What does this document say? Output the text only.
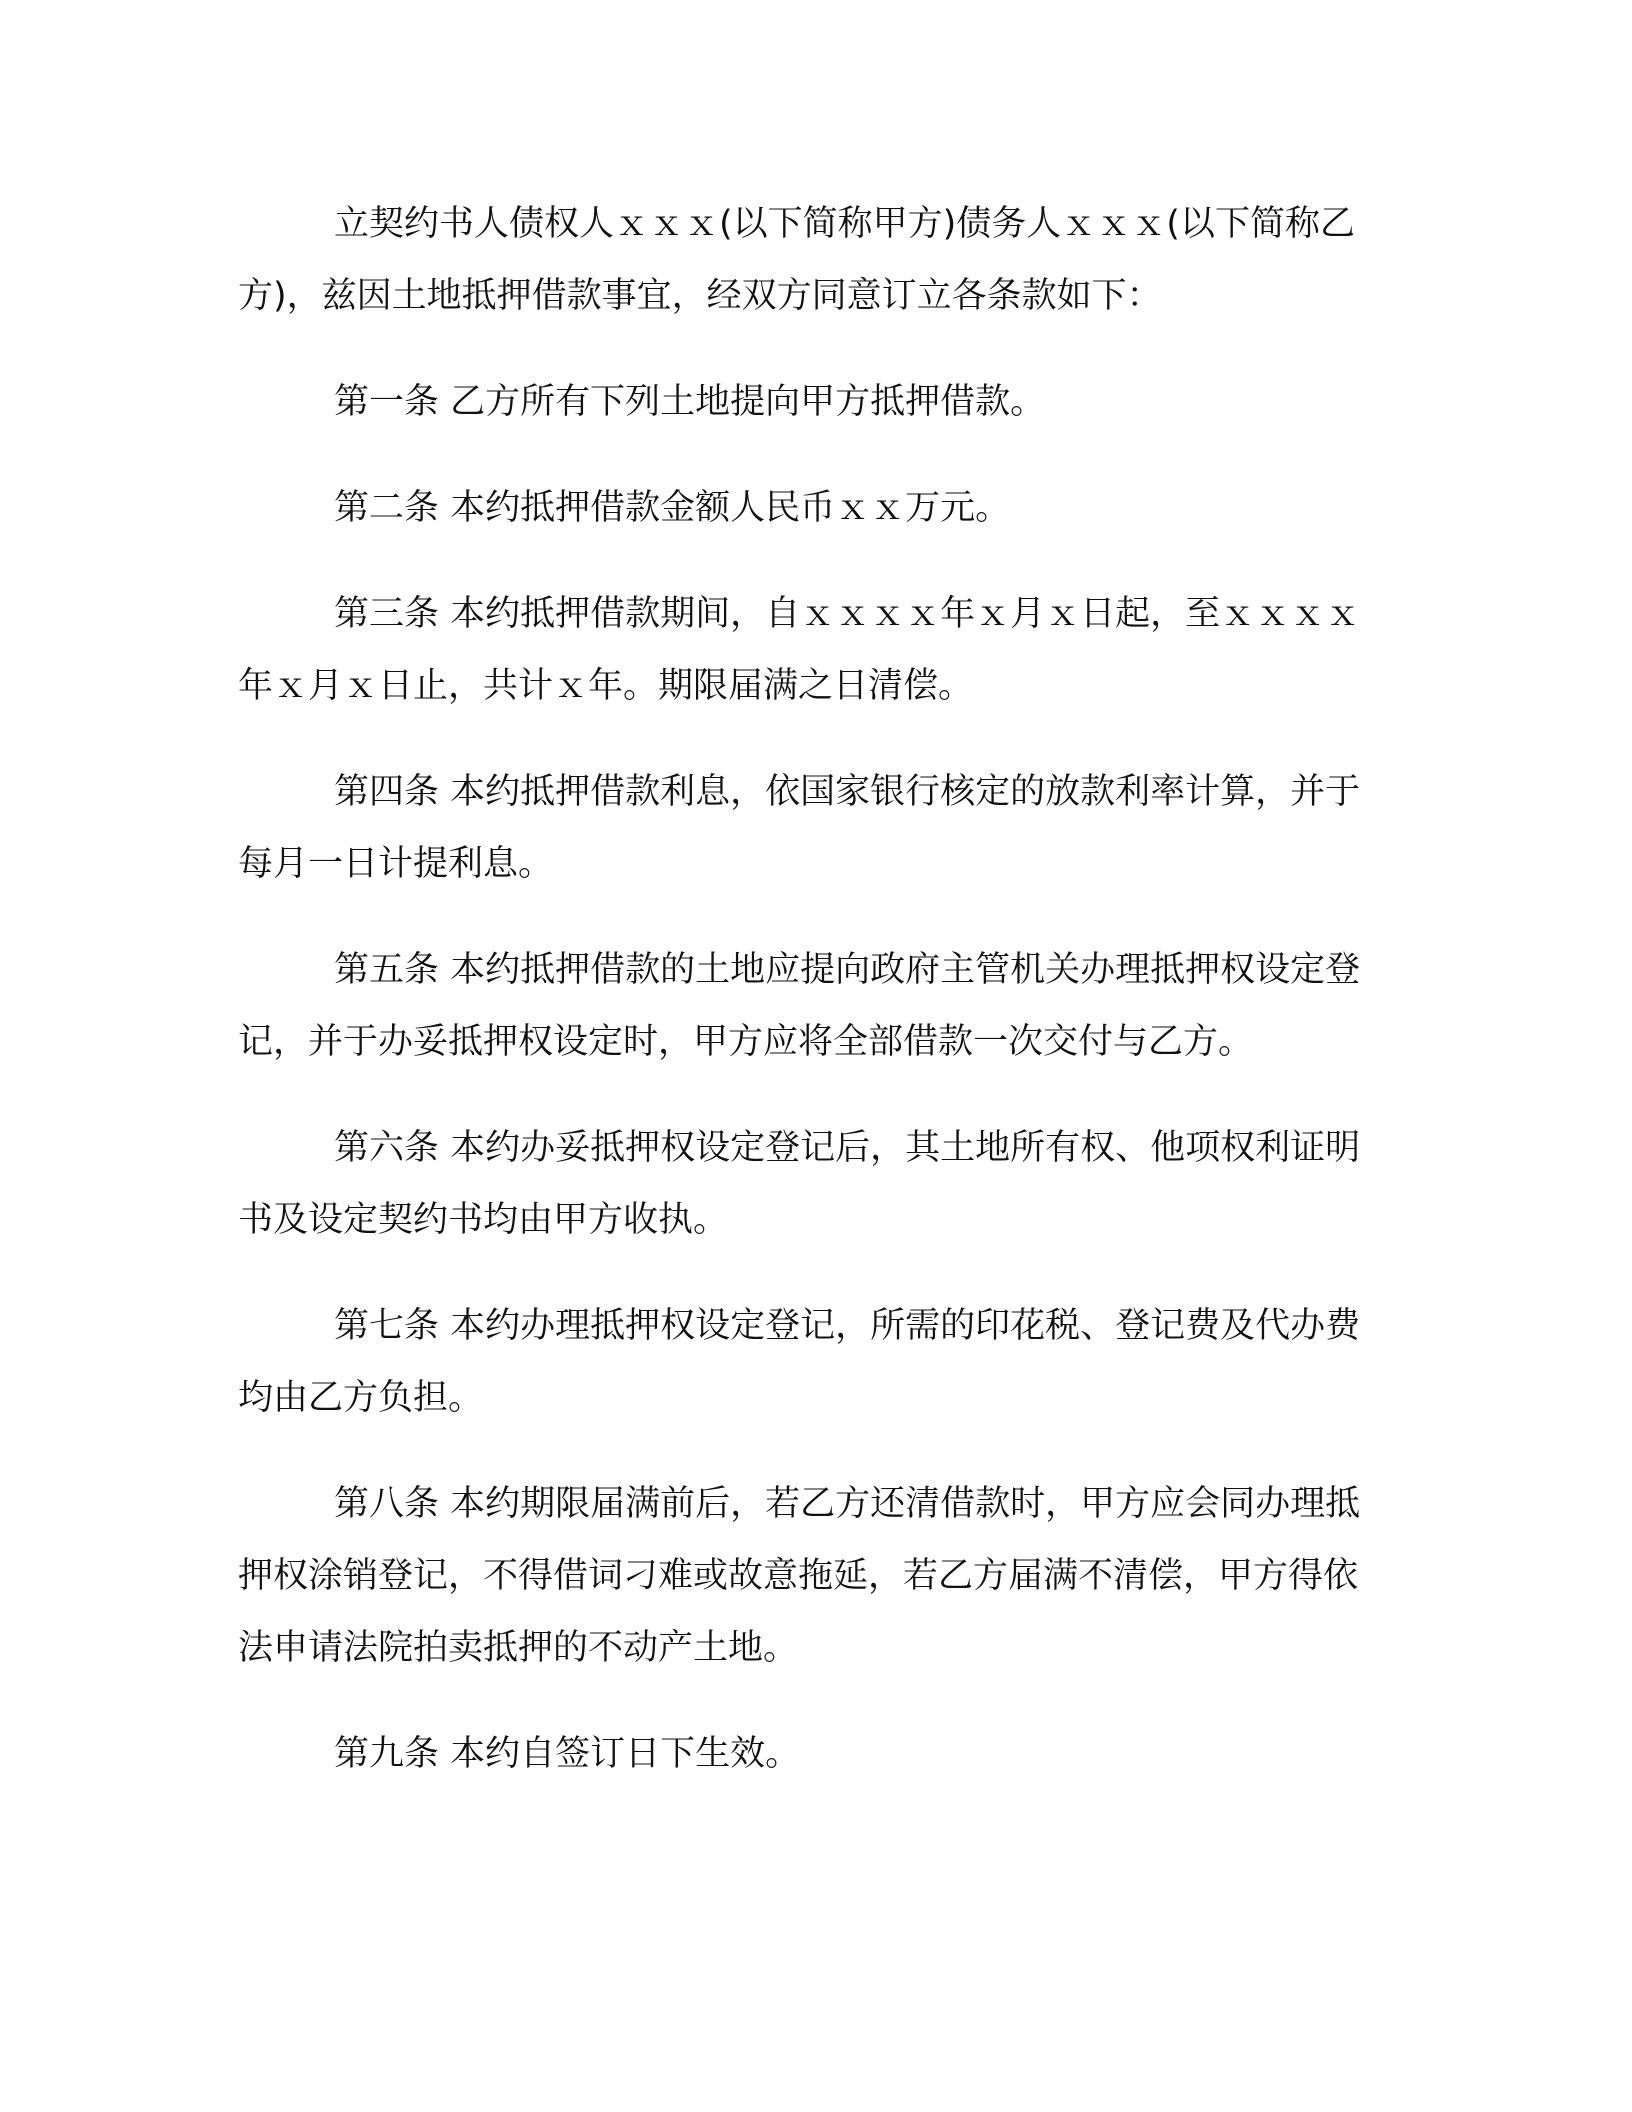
立契约书人债权人ｘｘｘ(以下简称甲方)债务人ｘｘｘ(以下简称乙方)，兹因土地抵押借款事宜，经双方同意订立各条款如下：

第一条 乙方所有下列土地提向甲方抵押借款。

第二条 本约抵押借款金额人民币ｘｘ万元。

第三条 本约抵押借款期间，自ｘｘｘｘ年ｘ月ｘ日起，至ｘｘｘｘ年ｘ月ｘ日止，共计ｘ年。期限届满之日清偿。

第四条 本约抵押借款利息，依国家银行核定的放款利率计算，并于每月一日计提利息。

第五条 本约抵押借款的土地应提向政府主管机关办理抵押权设定登记，并于办妥抵押权设定时，甲方应将全部借款一次交付与乙方。

第六条 本约办妥抵押权设定登记后，其土地所有权、他项权利证明书及设定契约书均由甲方收执。

第七条 本约办理抵押权设定登记，所需的印花税、登记费及代办费均由乙方负担。

第八条 本约期限届满前后，若乙方还清借款时，甲方应会同办理抵押权涂销登记，不得借词刁难或故意拖延，若乙方届满不清偿，甲方得依法申请法院拍卖抵押的不动产土地。

第九条 本约自签订日下生效。
